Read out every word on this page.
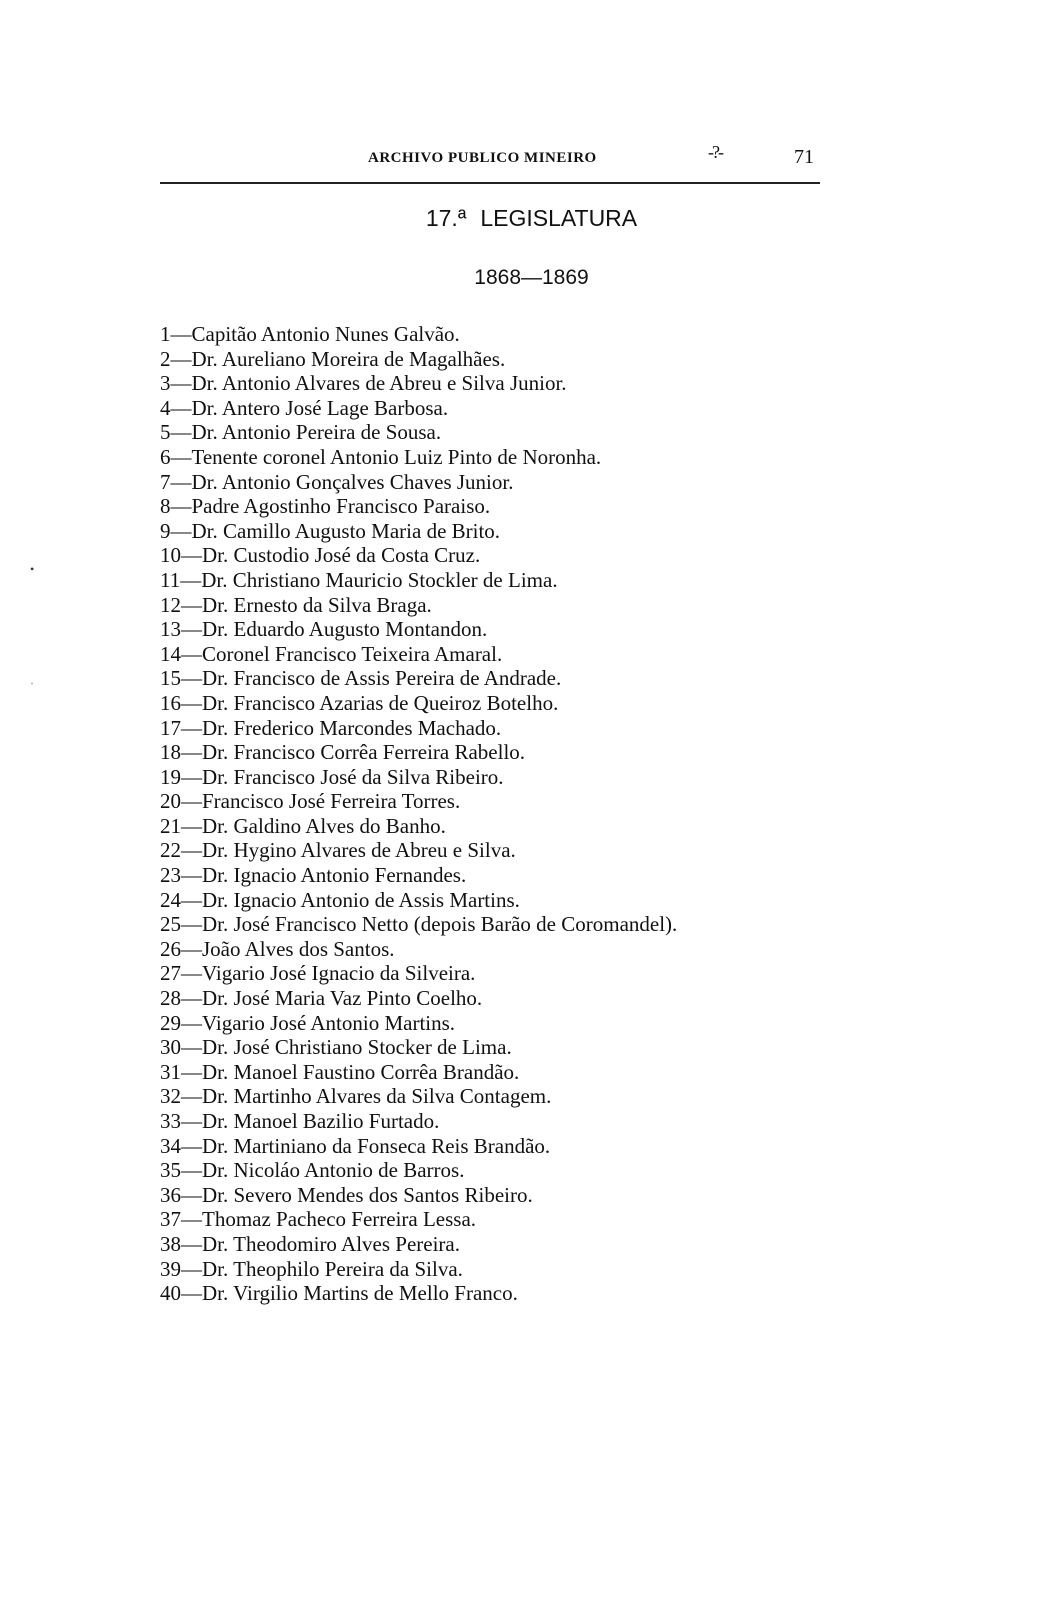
ARCHIVO PUBLICO MINEIRO	-?-	71
17.ª LEGISLATURA
1868—1869
1—Capitão Antonio Nunes Galvão.
2—Dr. Aureliano Moreira de Magalhães.
3—Dr. Antonio Alvares de Abreu e Silva Junior.
4—Dr. Antero José Lage Barbosa.
5—Dr. Antonio Pereira de Sousa.
6—Tenente coronel Antonio Luiz Pinto de Noronha.
7—Dr. Antonio Gonçalves Chaves Junior.
8—Padre Agostinho Francisco Paraiso.
9—Dr. Camillo Augusto Maria de Brito.
10—Dr. Custodio José da Costa Cruz.
11—Dr. Christiano Mauricio Stockler de Lima.
12—Dr. Ernesto da Silva Braga.
13—Dr. Eduardo Augusto Montandon.
14—Coronel Francisco Teixeira Amaral.
15—Dr. Francisco de Assis Pereira de Andrade.
16—Dr. Francisco Azarias de Queiroz Botelho.
17—Dr. Frederico Marcondes Machado.
18—Dr. Francisco Corrêa Ferreira Rabello.
19—Dr. Francisco José da Silva Ribeiro.
20—Francisco José Ferreira Torres.
21—Dr. Galdino Alves do Banho.
22—Dr. Hygino Alvares de Abreu e Silva.
23—Dr. Ignacio Antonio Fernandes.
24—Dr. Ignacio Antonio de Assis Martins.
25—Dr. José Francisco Netto (depois Barão de Coromandel).
26—João Alves dos Santos.
27—Vigario José Ignacio da Silveira.
28—Dr. José Maria Vaz Pinto Coelho.
29—Vigario José Antonio Martins.
30—Dr. José Christiano Stocker de Lima.
31—Dr. Manoel Faustino Corrêa Brandão.
32—Dr. Martinho Alvares da Silva Contagem.
33—Dr. Manoel Bazilio Furtado.
34—Dr. Martiniano da Fonseca Reis Brandão.
35—Dr. Nicoláo Antonio de Barros.
36—Dr. Severo Mendes dos Santos Ribeiro.
37—Thomaz Pacheco Ferreira Lessa.
38—Dr. Theodomiro Alves Pereira.
39—Dr. Theophilo Pereira da Silva.
40—Dr. Virgilio Martins de Mello Franco.
•
ˈ
